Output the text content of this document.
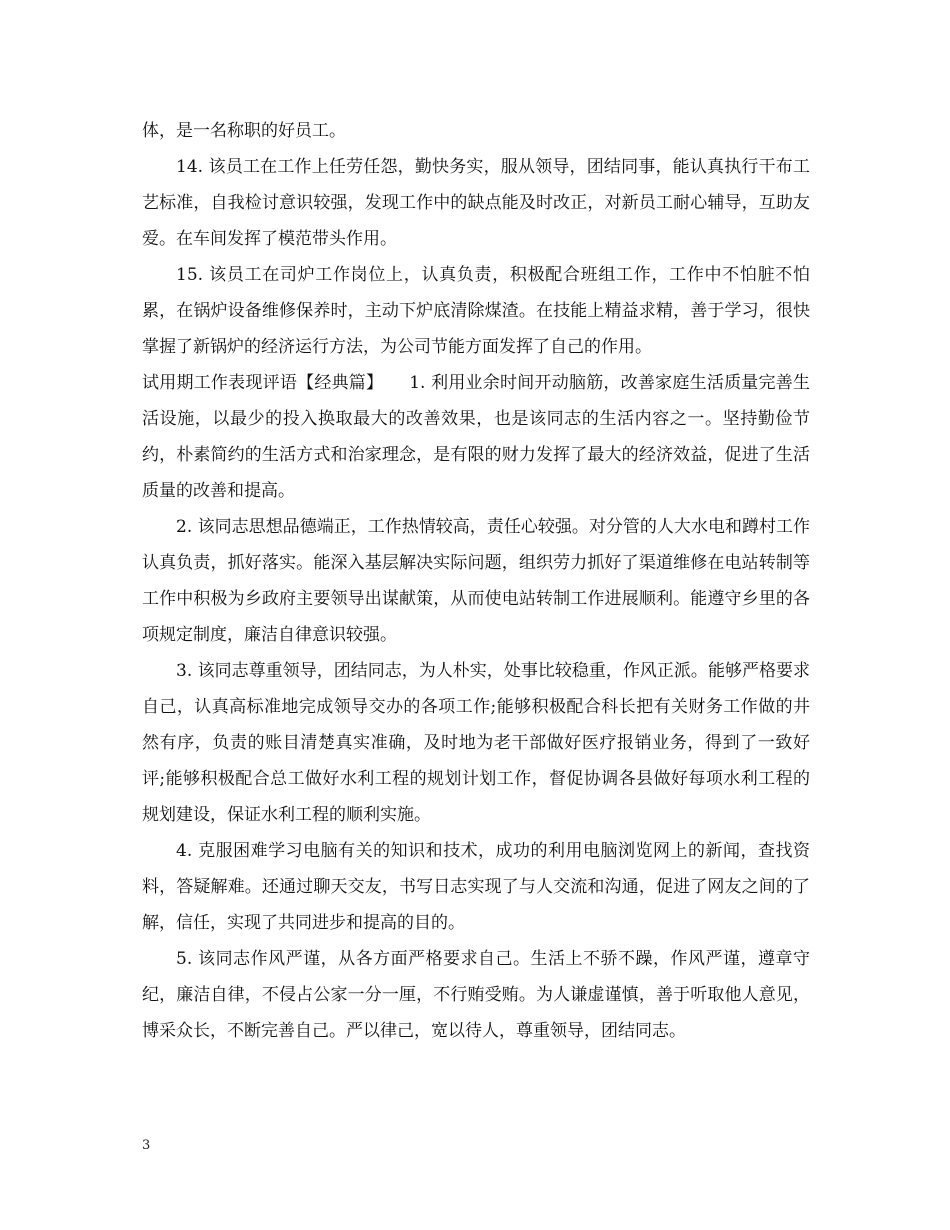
体，是一名称职的好员工。

14. 该员工在工作上任劳任怨，勤快务实，服从领导，团结同事，能认真执行干布工艺标准，自我检讨意识较强，发现工作中的缺点能及时改正，对新员工耐心辅导，互助友爱。在车间发挥了模范带头作用。

15. 该员工在司炉工作岗位上，认真负责，积极配合班组工作，工作中不怕脏不怕累，在锅炉设备维修保养时，主动下炉底清除煤渣。在技能上精益求精，善于学习，很快掌握了新锅炉的经济运行方法，为公司节能方面发挥了自己的作用。

试用期工作表现评语【经典篇】　　1. 利用业余时间开动脑筋，改善家庭生活质量完善生活设施，以最少的投入换取最大的改善效果，也是该同志的生活内容之一。坚持勤俭节约，朴素简约的生活方式和治家理念，是有限的财力发挥了最大的经济效益，促进了生活质量的改善和提高。

2. 该同志思想品德端正，工作热情较高，责任心较强。对分管的人大水电和蹲村工作认真负责，抓好落实。能深入基层解决实际问题，组织劳力抓好了渠道维修在电站转制等工作中积极为乡政府主要领导出谋献策，从而使电站转制工作进展顺利。能遵守乡里的各项规定制度，廉洁自律意识较强。

3. 该同志尊重领导，团结同志，为人朴实，处事比较稳重，作风正派。能够严格要求自己，认真高标准地完成领导交办的各项工作;能够积极配合科长把有关财务工作做的井然有序，负责的账目清楚真实准确，及时地为老干部做好医疗报销业务，得到了一致好评;能够积极配合总工做好水利工程的规划计划工作，督促协调各县做好每项水利工程的规划建设，保证水利工程的顺利实施。

4. 克服困难学习电脑有关的知识和技术，成功的利用电脑浏览网上的新闻，查找资料，答疑解难。还通过聊天交友，书写日志实现了与人交流和沟通，促进了网友之间的了解，信任，实现了共同进步和提高的目的。

5. 该同志作风严谨，从各方面严格要求自己。生活上不骄不躁，作风严谨，遵章守纪，廉洁自律，不侵占公家一分一厘，不行贿受贿。为人谦虚谨慎，善于听取他人意见，博采众长，不断完善自己。严以律己，宽以待人，尊重领导，团结同志。

3
